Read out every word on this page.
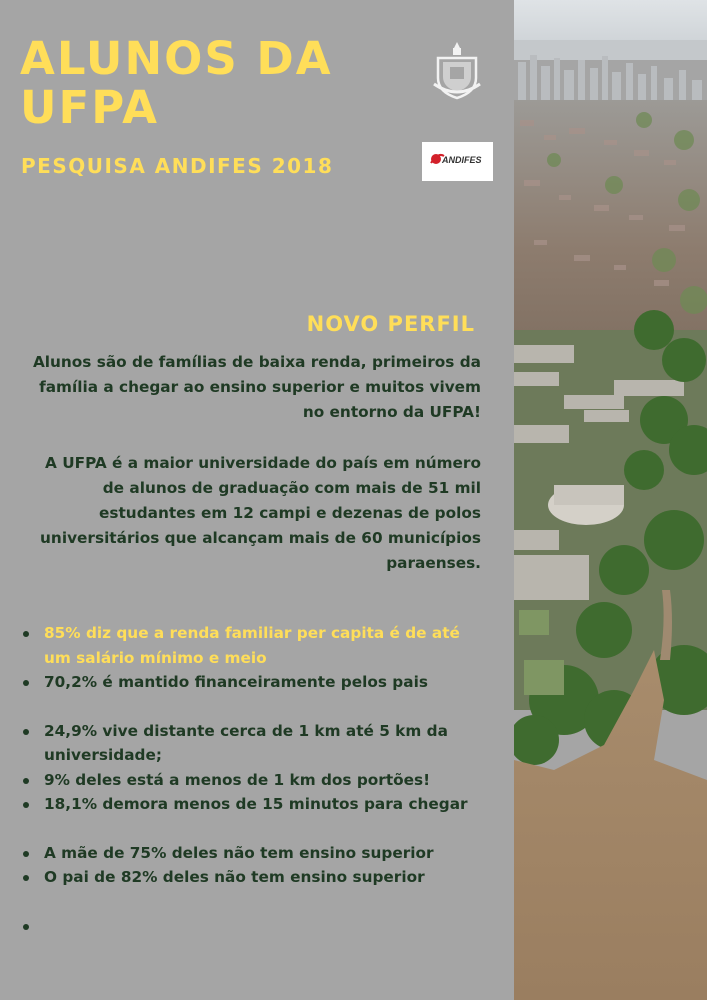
ALUNOS DA
UFPA
PESQUISA ANDIFES 2018	ANDIFES
NOVO PERFIL

Alunos são de famílias de baixa renda, primeiros da família a chegar ao ensino superior e muitos vivem no entorno da UFPA!

A UFPA é a maior universidade do país em número de alunos de graduação com mais de 51 mil estudantes em 12 campi e dezenas de polos universitários que alcançam mais de 60 municípios paraenses.

85% diz que a renda familiar per capita é de até um salário mínimo e meio
70,2% é mantido financeiramente pelos pais
24,9% vive distante cerca de 1 km até 5 km da universidade;
9% deles está a menos de 1 km dos portões!
18,1% demora menos de 15 minutos para chegar
A mãe de 75% deles não tem ensino superior
O pai de 82% deles não tem ensino superior
